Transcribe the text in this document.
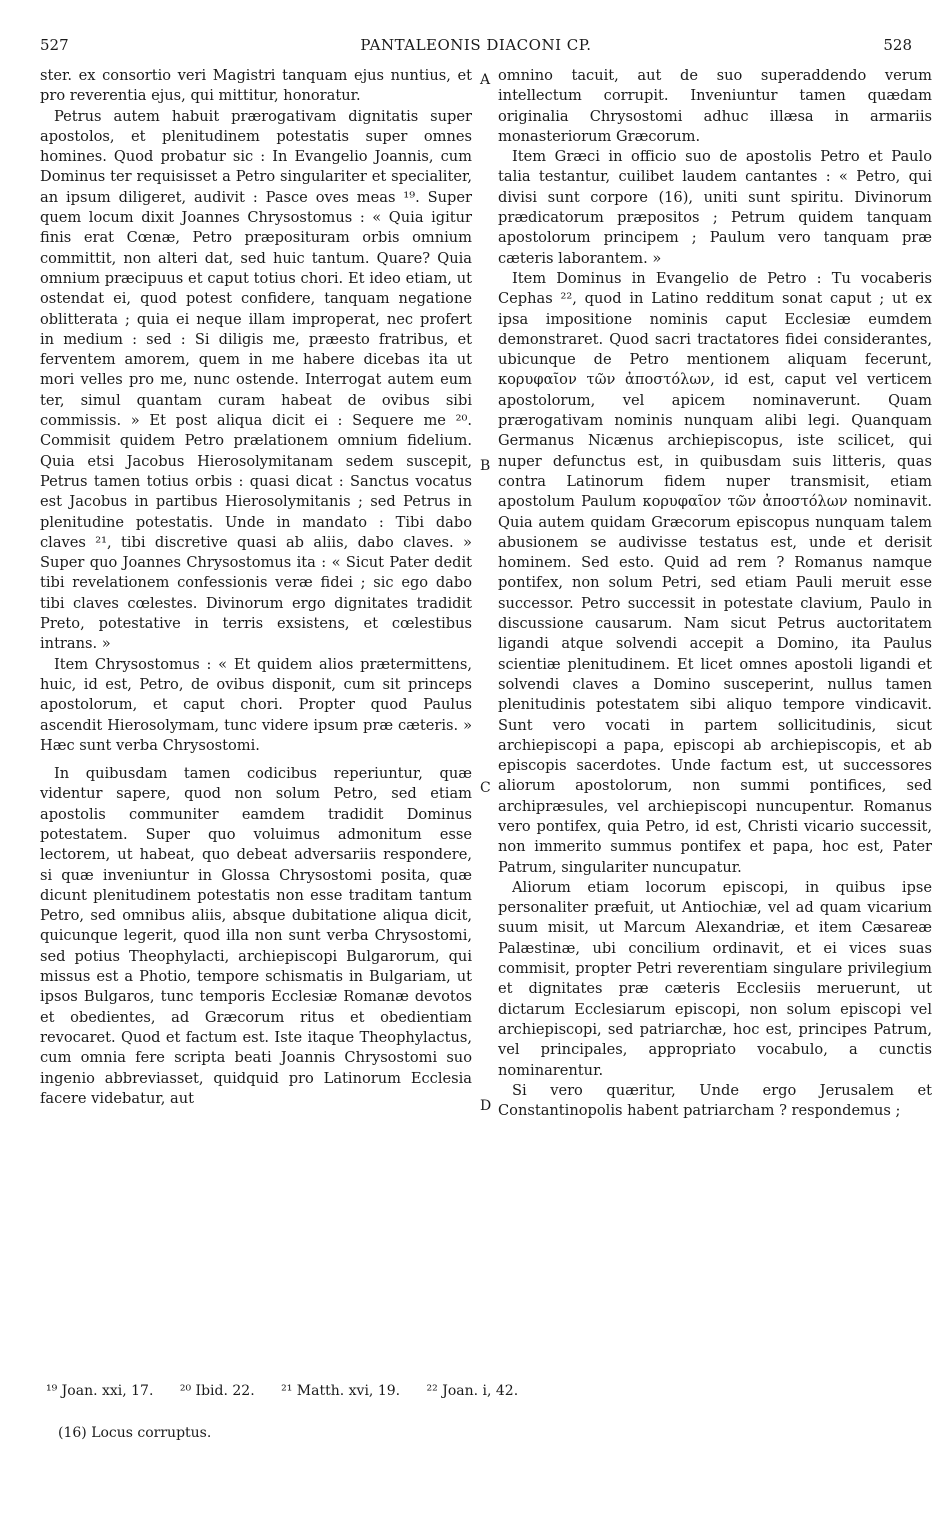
527	PANTALEONIS DIACONI CP.	528
A
B
C
D

ster. ex consortio veri Magistri tanquam ejus nuntius, et pro reverentia ejus, qui mittitur, honoratur.

Petrus autem habuit prærogativam dignitatis super apostolos, et plenitudinem potestatis super omnes homines. Quod probatur sic : In Evangelio Joannis, cum Dominus ter requisisset a Petro singulariter et specialiter, an ipsum diligeret, audivit : Pasce oves meas ¹⁹. Super quem locum dixit Joannes Chrysostomus : « Quia igitur finis erat Cœnæ, Petro præposituram orbis omnium committit, non alteri dat, sed huic tantum. Quare? Quia omnium præcipuus et caput totius chori. Et ideo etiam, ut ostendat ei, quod potest confidere, tanquam negatione oblitterata ; quia ei neque illam improperat, nec profert in medium : sed : Si diligis me, præesto fratribus, et ferventem amorem, quem in me habere dicebas ita ut mori velles pro me, nunc ostende. Interrogat autem eum ter, simul quantam curam habeat de ovibus sibi commissis. » Et post aliqua dicit ei : Sequere me ²⁰. Commisit quidem Petro prælationem omnium fidelium. Quia etsi Jacobus Hierosolymitanam sedem suscepit, Petrus tamen totius orbis : quasi dicat : Sanctus vocatus est Jacobus in partibus Hierosolymitanis ; sed Petrus in plenitudine potestatis. Unde in mandato : Tibi dabo claves ²¹, tibi discretive quasi ab aliis, dabo claves. » Super quo Joannes Chrysostomus ita : « Sicut Pater dedit tibi revelationem confessionis veræ fidei ; sic ego dabo tibi claves cœlestes. Divinorum ergo dignitates tradidit Preto, potestative in terris exsistens, et cœlestibus intrans. »

Item Chrysostomus : « Et quidem alios prætermittens, huic, id est, Petro, de ovibus disponit, cum sit princeps apostolorum, et caput chori. Propter quod Paulus ascendit Hierosolymam, tunc videre ipsum præ cæteris. » Hæc sunt verba Chrysostomi.

In quibusdam tamen codicibus reperiuntur, quæ videntur sapere, quod non solum Petro, sed etiam apostolis communiter eamdem tradidit Dominus potestatem. Super quo voluimus admonitum esse lectorem, ut habeat, quo debeat adversariis respondere, si quæ inveniuntur in Glossa Chrysostomi posita, quæ dicunt plenitudinem potestatis non esse traditam tantum Petro, sed omnibus aliis, absque dubitatione aliqua dicit, quicunque legerit, quod illa non sunt verba Chrysostomi, sed potius Theophylacti, archiepiscopi Bulgarorum, qui missus est a Photio, tempore schismatis in Bulgariam, ut ipsos Bulgaros, tunc temporis Ecclesiæ Romanæ devotos et obedientes, ad Græcorum ritus et obedientiam revocaret. Quod et factum est. Iste itaque Theophylactus, cum omnia fere scripta beati Joannis Chrysostomi suo ingenio abbreviasset, quidquid pro Latinorum Ecclesia facere videbatur, aut

omnino tacuit, aut de suo superaddendo verum intellectum corrupit. Inveniuntur tamen quædam originalia Chrysostomi adhuc illæsa in armariis monasteriorum Græcorum.

Item Græci in officio suo de apostolis Petro et Paulo talia testantur, cuilibet laudem cantantes : « Petro, qui divisi sunt corpore (16), uniti sunt spiritu. Divinorum prædicatorum præpositos ; Petrum quidem tanquam apostolorum principem ; Paulum vero tanquam præ cæteris laborantem. »

Item Dominus in Evangelio de Petro : Tu vocaberis Cephas ²², quod in Latino redditum sonat caput ; ut ex ipsa impositione nominis caput Ecclesiæ eumdem demonstraret. Quod sacri tractatores fidei considerantes, ubicunque de Petro mentionem aliquam fecerunt, κορυφαῖον τῶν ἀποστόλων, id est, caput vel verticem apostolorum, vel apicem nominaverunt. Quam prærogativam nominis nunquam alibi legi. Quanquam Germanus Nicænus archiepiscopus, iste scilicet, qui nuper defunctus est, in quibusdam suis litteris, quas contra Latinorum fidem nuper transmisit, etiam apostolum Paulum κορυφαῖον τῶν ἀποστόλων nominavit. Quia autem quidam Græcorum episcopus nunquam talem abusionem se audivisse testatus est, unde et derisit hominem. Sed esto. Quid ad rem ? Romanus namque pontifex, non solum Petri, sed etiam Pauli meruit esse successor. Petro successit in potestate clavium, Paulo in discussione causarum. Nam sicut Petrus auctoritatem ligandi atque solvendi accepit a Domino, ita Paulus scientiæ plenitudinem. Et licet omnes apostoli ligandi et solvendi claves a Domino susceperint, nullus tamen plenitudinis potestatem sibi aliquo tempore vindicavit. Sunt vero vocati in partem sollicitudinis, sicut archiepiscopi a papa, episcopi ab archiepiscopis, et ab episcopis sacerdotes. Unde factum est, ut successores aliorum apostolorum, non summi pontifices, sed archipræsules, vel archiepiscopi nuncupentur. Romanus vero pontifex, quia Petro, id est, Christi vicario successit, non immerito summus pontifex et papa, hoc est, Pater Patrum, singulariter nuncupatur.

Aliorum etiam locorum episcopi, in quibus ipse personaliter præfuit, ut Antiochiæ, vel ad quam vicarium suum misit, ut Marcum Alexandriæ, et item Cæsareæ Palæstinæ, ubi concilium ordinavit, et ei vices suas commisit, propter Petri reverentiam singulare privilegium et dignitates præ cæteris Ecclesiis meruerunt, ut dictarum Ecclesiarum episcopi, non solum episcopi vel archiepiscopi, sed patriarchæ, hoc est, principes Patrum, vel principales, appropriato vocabulo, a cunctis nominarentur.

Si vero quæritur, Unde ergo Jerusalem et Constantinopolis habent patriarcham ? respondemus ;

¹⁹ Joan. xxi, 17. ²⁰ Ibid. 22. ²¹ Matth. xvi, 19. ²² Joan. i, 42.

(16) Locus corruptus.
